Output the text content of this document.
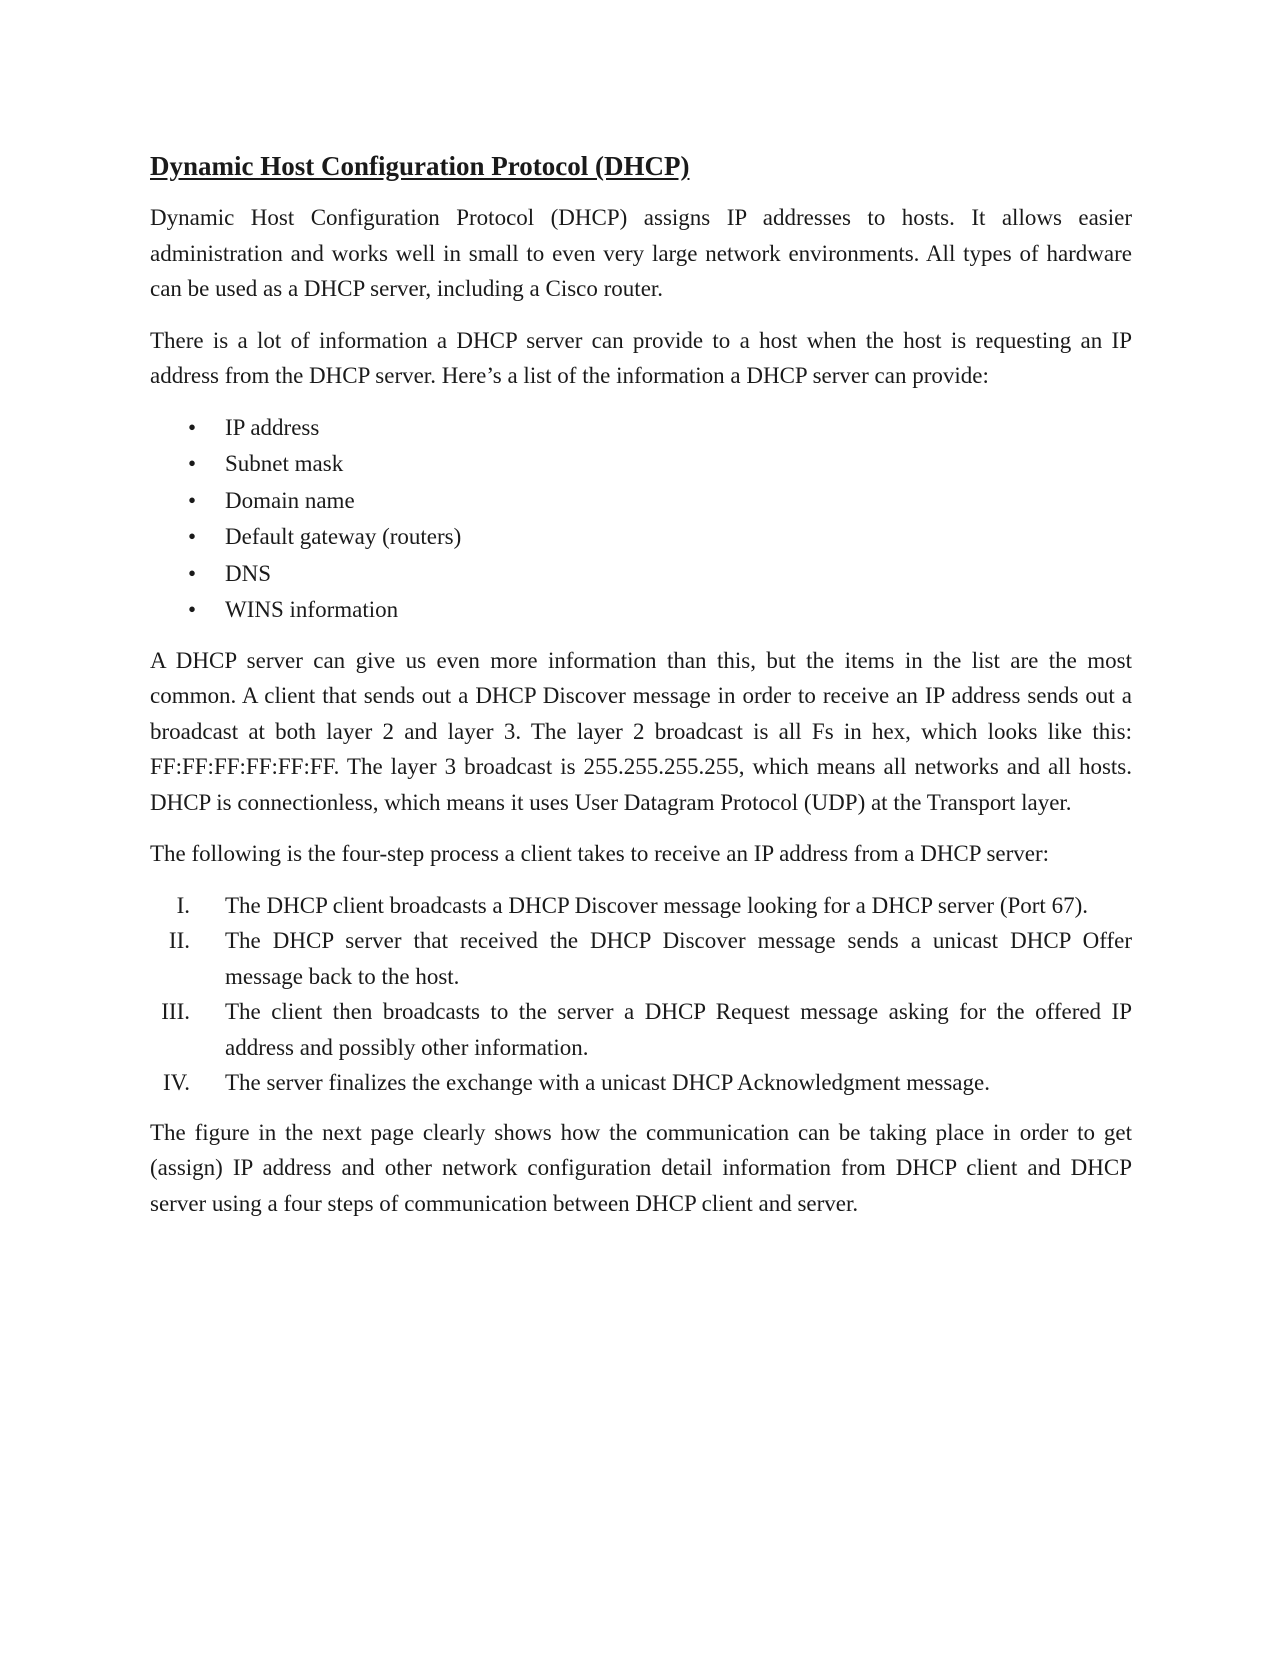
Dynamic Host Configuration Protocol (DHCP)

Dynamic Host Configuration Protocol (DHCP) assigns IP addresses to hosts. It allows easier administration and works well in small to even very large network environments. All types of hardware can be used as a DHCP server, including a Cisco router.

There is a lot of information a DHCP server can provide to a host when the host is requesting an IP address from the DHCP server. Here’s a list of the information a DHCP server can provide:

• IP address
• Subnet mask
• Domain name
• Default gateway (routers)
• DNS
• WINS information

A DHCP server can give us even more information than this, but the items in the list are the most common. A client that sends out a DHCP Discover message in order to receive an IP address sends out a broadcast at both layer 2 and layer 3. The layer 2 broadcast is all Fs in hex, which looks like this: FF:FF:FF:FF:FF:FF. The layer 3 broadcast is 255.255.255.255, which means all networks and all hosts. DHCP is connectionless, which means it uses User Datagram Protocol (UDP) at the Transport layer.

The following is the four-step process a client takes to receive an IP address from a DHCP server:

I. The DHCP client broadcasts a DHCP Discover message looking for a DHCP server (Port 67).
II. The DHCP server that received the DHCP Discover message sends a unicast DHCP Offer message back to the host.
III. The client then broadcasts to the server a DHCP Request message asking for the offered IP address and possibly other information.
IV. The server finalizes the exchange with a unicast DHCP Acknowledgment message.

The figure in the next page clearly shows how the communication can be taking place in order to get (assign) IP address and other network configuration detail information from DHCP client and DHCP server using a four steps of communication between DHCP client and server.
